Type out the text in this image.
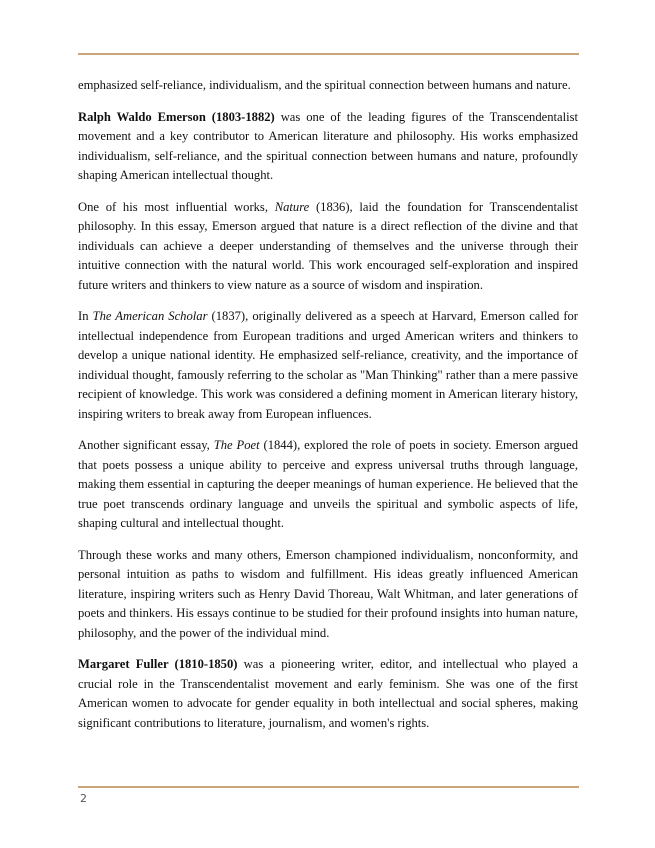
emphasized self-reliance, individualism, and the spiritual connection between humans and nature.

Ralph Waldo Emerson (1803-1882) was one of the leading figures of the Transcendentalist movement and a key contributor to American literature and philosophy. His works emphasized individualism, self-reliance, and the spiritual connection between humans and nature, profoundly shaping American intellectual thought.

One of his most influential works, Nature (1836), laid the foundation for Transcendentalist philosophy. In this essay, Emerson argued that nature is a direct reflection of the divine and that individuals can achieve a deeper understanding of themselves and the universe through their intuitive connection with the natural world. This work encouraged self-exploration and inspired future writers and thinkers to view nature as a source of wisdom and inspiration.

In The American Scholar (1837), originally delivered as a speech at Harvard, Emerson called for intellectual independence from European traditions and urged American writers and thinkers to develop a unique national identity. He emphasized self-reliance, creativity, and the importance of individual thought, famously referring to the scholar as "Man Thinking" rather than a mere passive recipient of knowledge. This work was considered a defining moment in American literary history, inspiring writers to break away from European influences.

Another significant essay, The Poet (1844), explored the role of poets in society. Emerson argued that poets possess a unique ability to perceive and express universal truths through language, making them essential in capturing the deeper meanings of human experience. He believed that the true poet transcends ordinary language and unveils the spiritual and symbolic aspects of life, shaping cultural and intellectual thought.

Through these works and many others, Emerson championed individualism, nonconformity, and personal intuition as paths to wisdom and fulfillment. His ideas greatly influenced American literature, inspiring writers such as Henry David Thoreau, Walt Whitman, and later generations of poets and thinkers. His essays continue to be studied for their profound insights into human nature, philosophy, and the power of the individual mind.

Margaret Fuller (1810-1850) was a pioneering writer, editor, and intellectual who played a crucial role in the Transcendentalist movement and early feminism. She was one of the first American women to advocate for gender equality in both intellectual and social spheres, making significant contributions to literature, journalism, and women's rights.

2
